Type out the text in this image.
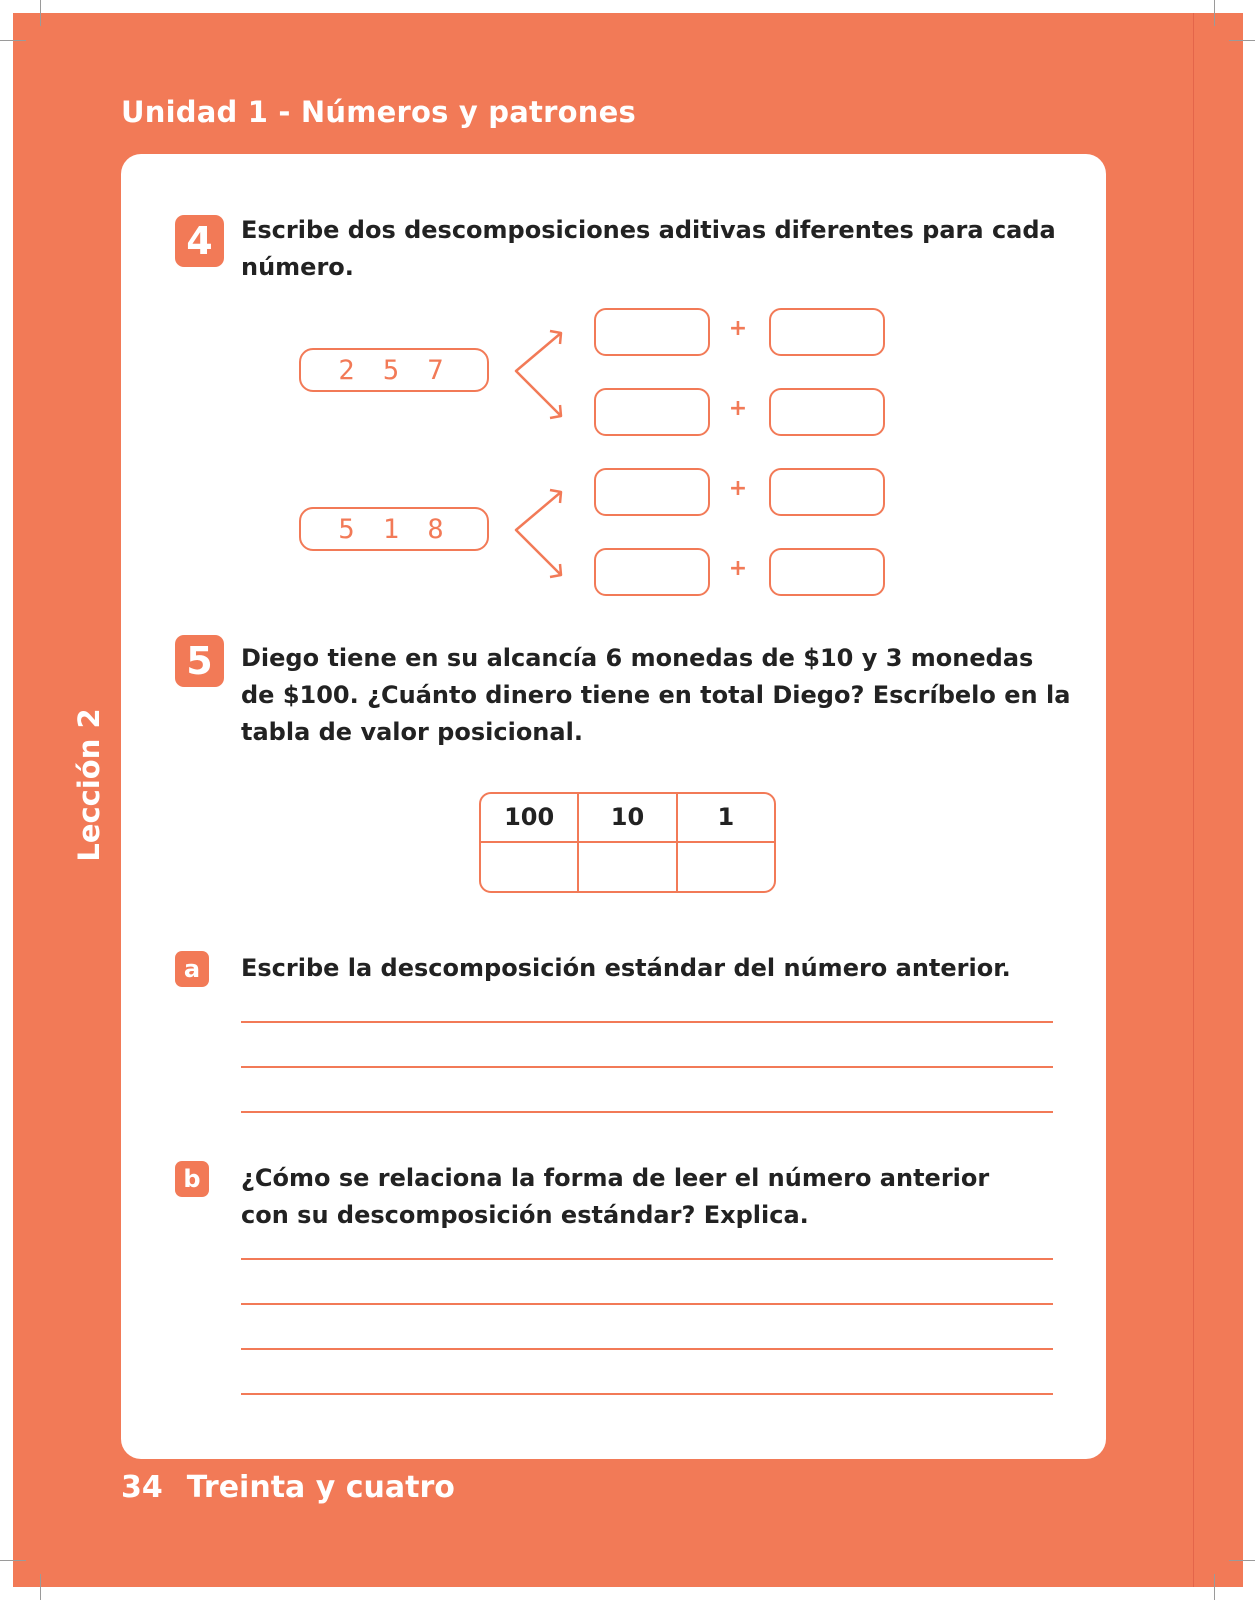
Unidad 1 - Números y patrones
Lección 2
4	Escribe dos descomposiciones aditivas diferentes para cada número.
2 5 7
5 1 8
+
+
+
+
5	Diego tiene en su alcancía 6 monedas de $10 y 3 monedas de $100. ¿Cuánto dinero tiene en total Diego? Escríbelo en la tabla de valor posicional.
100	10	1
a	Escribe la descomposición estándar del número anterior.
b	¿Cómo se relaciona la forma de leer el número anterior con su descomposición estándar? Explica.
34 Treinta y cuatro
